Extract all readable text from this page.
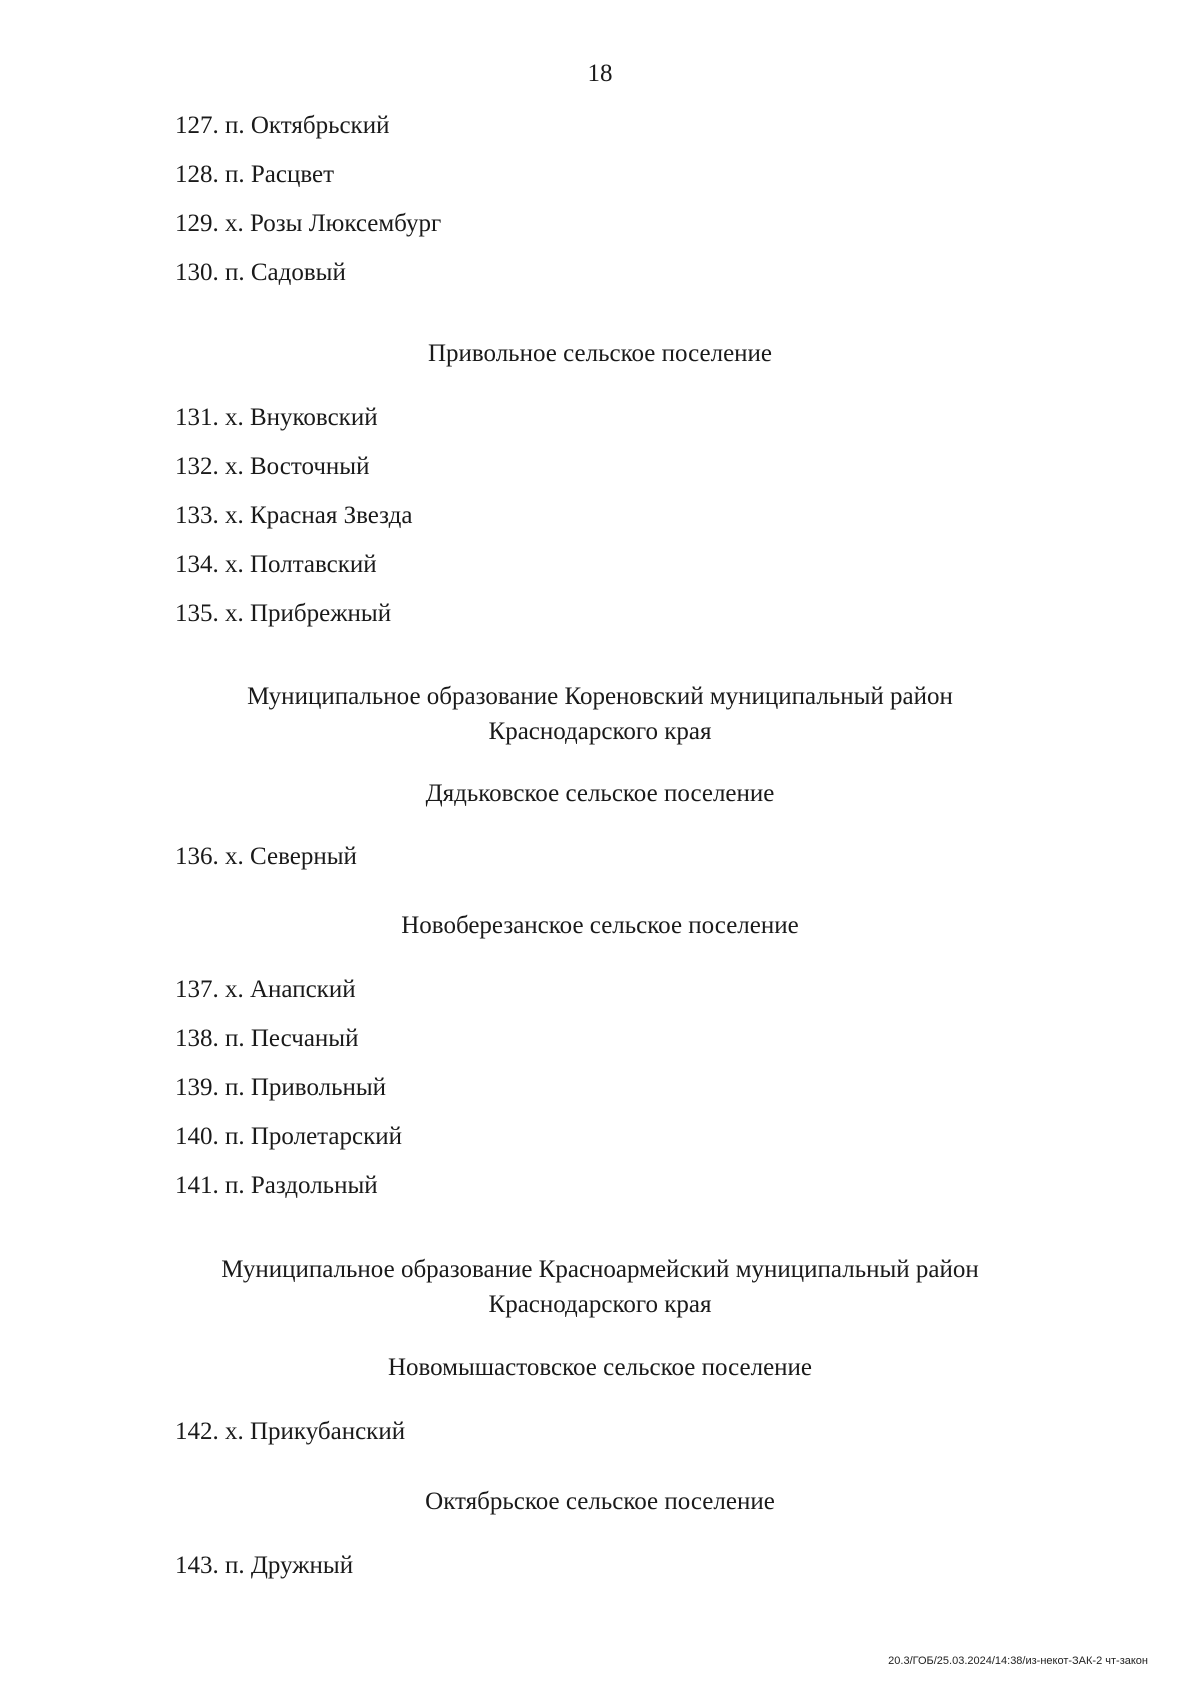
18
127. п. Октябрьский
128. п. Расцвет
129. х. Розы Люксембург
130. п. Садовый
Привольное сельское поселение
131. х. Внуковский
132. х. Восточный
133. х. Красная Звезда
134. х. Полтавский
135. х. Прибрежный
Муниципальное образование Кореновский муниципальный район
Краснодарского края
Дядьковское сельское поселение
136. х. Северный
Новоберезанское сельское поселение
137. х. Анапский
138. п. Песчаный
139. п. Привольный
140. п. Пролетарский
141. п. Раздольный
Муниципальное образование Красноармейский муниципальный район
Краснодарского края
Новомышастовское сельское поселение
142. х. Прикубанский
Октябрьское сельское поселение
143. п. Дружный
20.3/ГОБ/25.03.2024/14:38/из-некот-ЗАК-2 чт-закон
